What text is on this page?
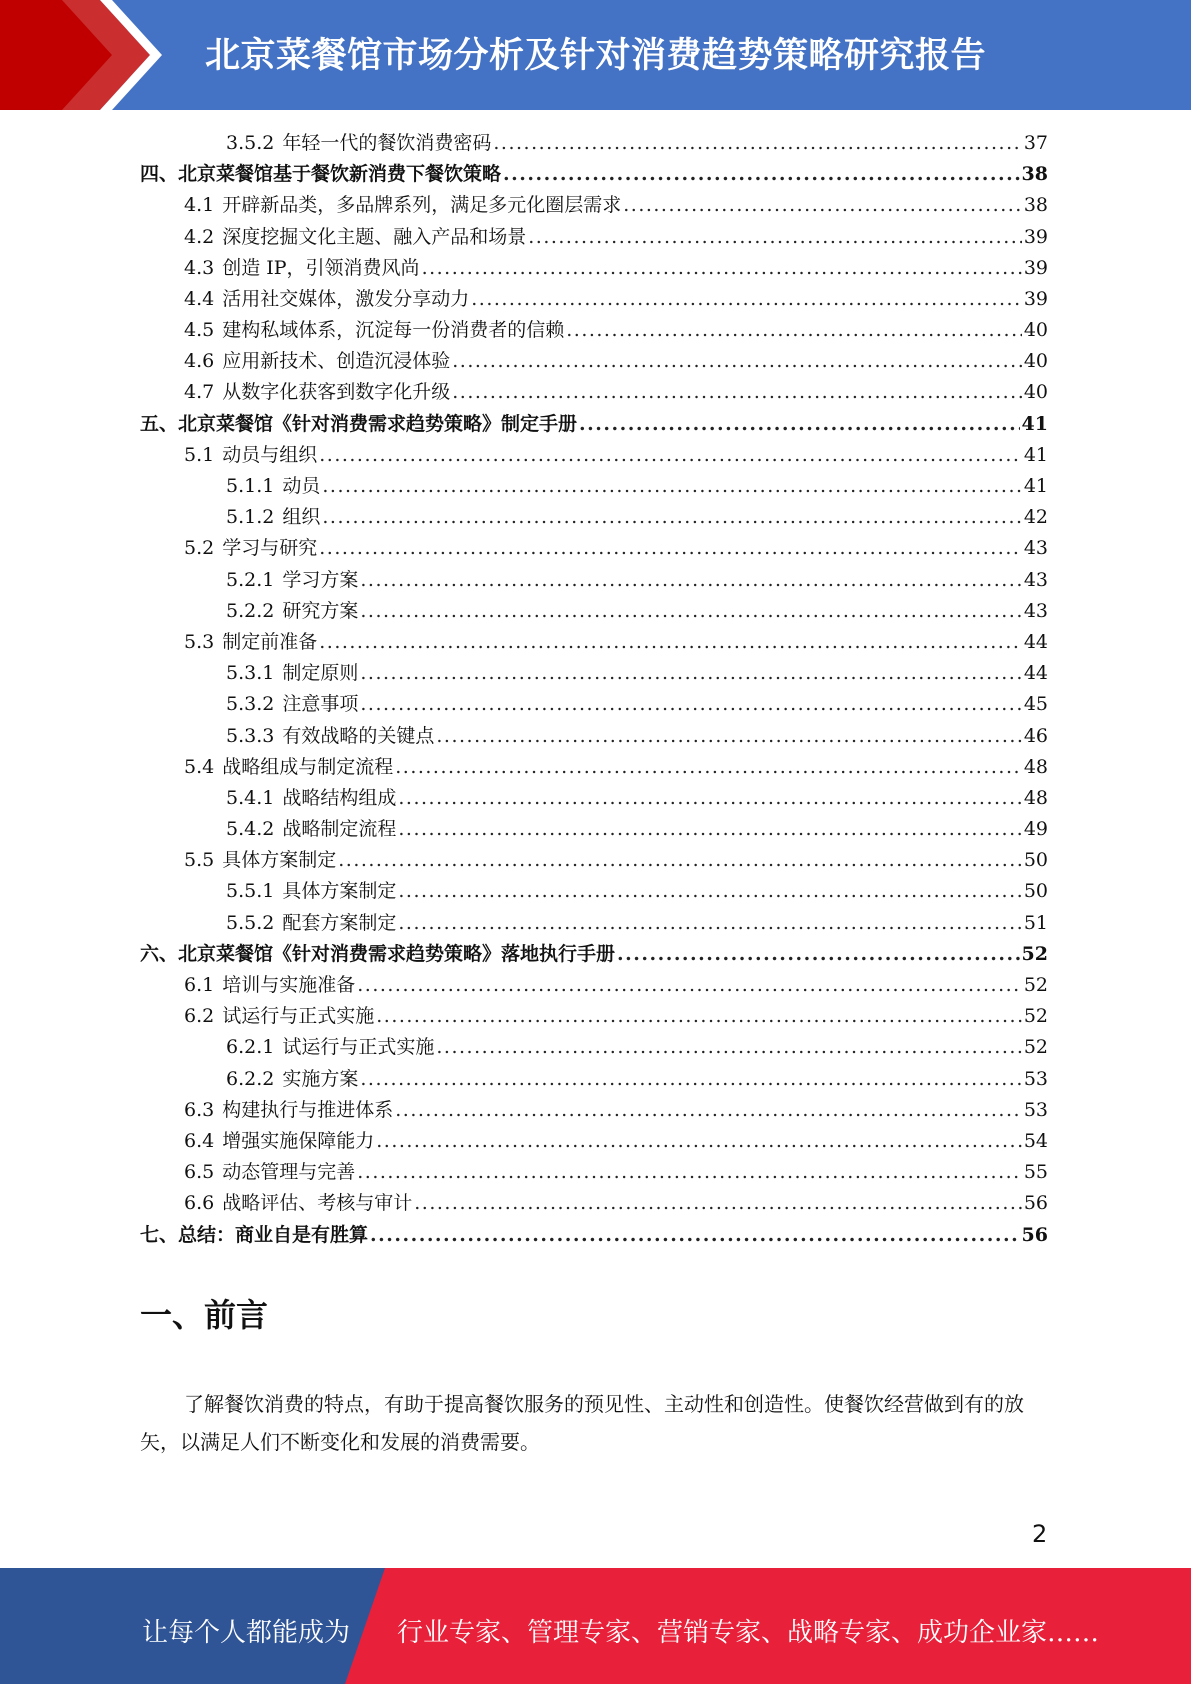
北京菜餐馆市场分析及针对消费趋势策略研究报告
3.5.2 年轻一代的餐饮消费密码 .....	37
四、北京菜餐馆基于餐饮新消费下餐饮策略 .....	38
4.1 开辟新品类，多品牌系列，满足多元化圈层需求 .....	38
4.2 深度挖掘文化主题、融入产品和场景 .....	39
4.3 创造 IP，引领消费风尚 .....	39
4.4 活用社交媒体，激发分享动力 .....	39
4.5 建构私域体系，沉淀每一份消费者的信赖 .....	40
4.6 应用新技术、创造沉浸体验 .....	40
4.7 从数字化获客到数字化升级 .....	40
五、北京菜餐馆《针对消费需求趋势策略》制定手册 .....	41
5.1 动员与组织 .....	41
5.1.1 动员 .....	41
5.1.2 组织 .....	42
5.2 学习与研究 .....	43
5.2.1 学习方案 .....	43
5.2.2 研究方案 .....	43
5.3 制定前准备 .....	44
5.3.1 制定原则 .....	44
5.3.2 注意事项 .....	45
5.3.3 有效战略的关键点 .....	46
5.4 战略组成与制定流程 .....	48
5.4.1 战略结构组成 .....	48
5.4.2 战略制定流程 .....	49
5.5 具体方案制定 .....	50
5.5.1 具体方案制定 .....	50
5.5.2 配套方案制定 .....	51
六、北京菜餐馆《针对消费需求趋势策略》落地执行手册 .....	52
6.1 培训与实施准备 .....	52
6.2 试运行与正式实施 .....	52
6.2.1 试运行与正式实施 .....	52
6.2.2 实施方案 .....	53
6.3 构建执行与推进体系 .....	53
6.4 增强实施保障能力 .....	54
6.5 动态管理与完善 .....	55
6.6 战略评估、考核与审计 .....	56
七、总结：商业自是有胜算 .....	56
一、前言
了解餐饮消费的特点，有助于提高餐饮服务的预见性、主动性和创造性。使餐饮经营做到有的放矢，以满足人们不断变化和发展的消费需要。
2
让每个人都能成为 行业专家、管理专家、营销专家、战略专家、成功企业家……
